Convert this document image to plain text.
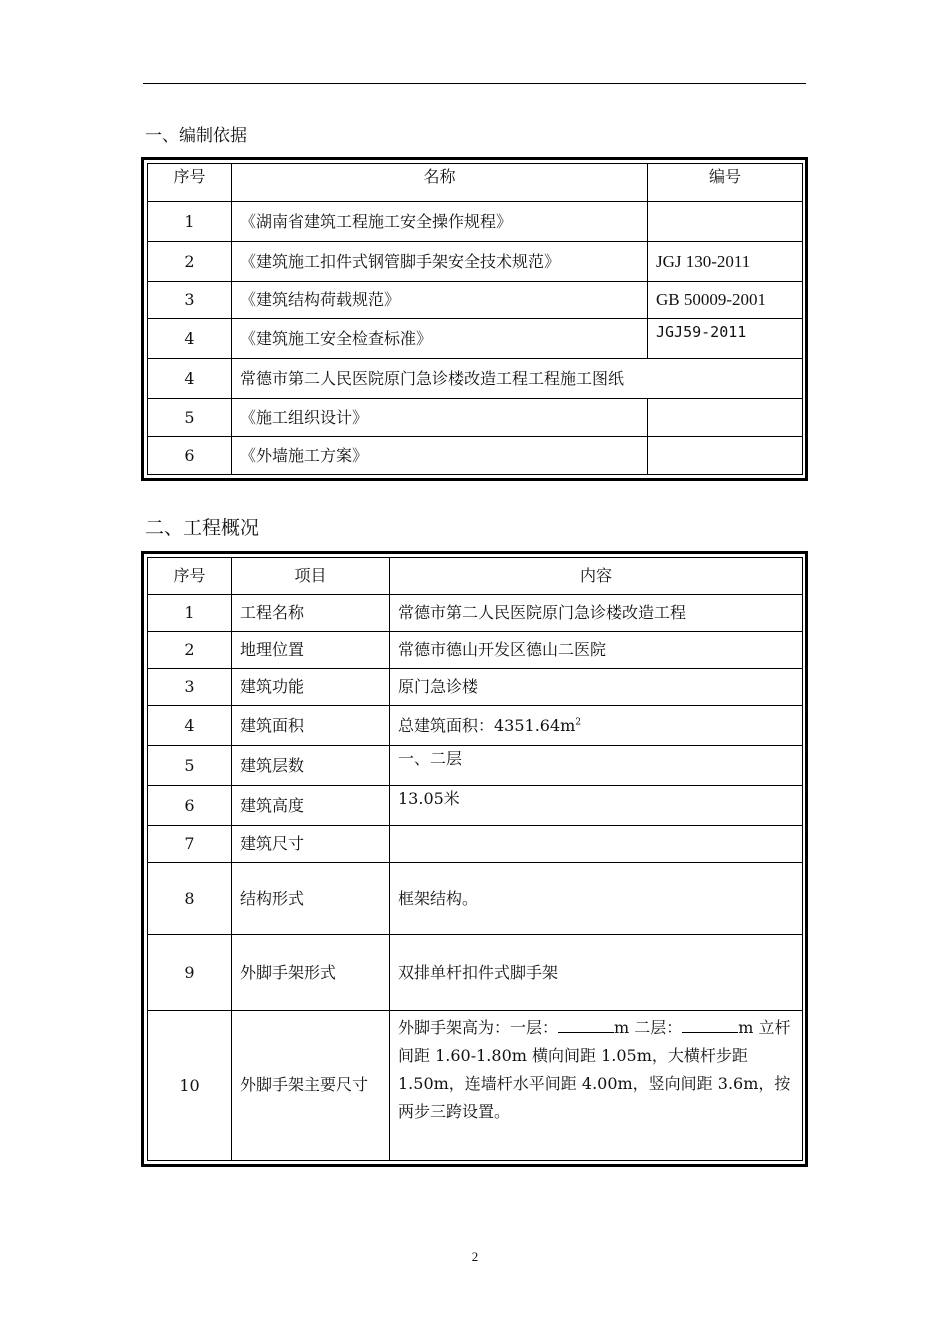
一、编制依据
序号	名称	编号
1	《湖南省建筑工程施工安全操作规程》	
2	《建筑施工扣件式钢管脚手架安全技术规范》	JGJ 130-2011
3	《建筑结构荷载规范》	GB 50009-2001
4	《建筑施工安全检查标准》	JGJ59-2011
4	常德市第二人民医院原门急诊楼改造工程工程施工图纸	
5	《施工组织设计》	
6	《外墙施工方案》	
二、工程概况
序号	项目	内容
1	工程名称	常德市第二人民医院原门急诊楼改造工程
2	地理位置	常德市德山开发区德山二医院
3	建筑功能	原门急诊楼
4	建筑面积	总建筑面积：$4351.64m^2$
5	建筑层数	一、二层
6	建筑高度	13.05米
7	建筑尺寸	
8	结构形式	框架结构。
9	外脚手架形式	双排单杆扣件式脚手架
10	外脚手架主要尺寸	外脚手架高为：一层： m 二层： m 立杆间距 1.60-1.80m 横向间距 1.05m，大横杆步距 1.50m，连墙杆水平间距 4.00m，竖向间距 3.6m，按两步三跨设置。
2
